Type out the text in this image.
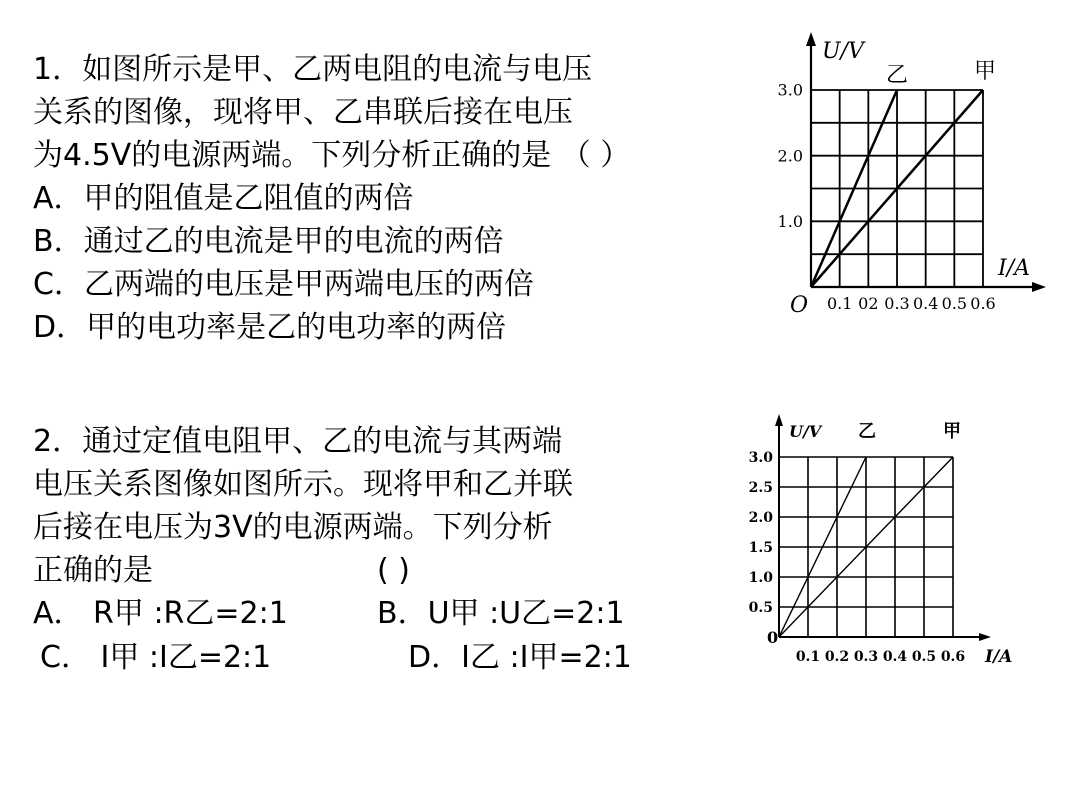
1．如图所示是甲、乙两电阻的电流与电压
关系的图像，现将甲、乙串联后接在电压
为4.5V的电源两端。下列分析正确的是 （ ）
A．甲的阻值是乙阻值的两倍
B．通过乙的电流是甲的电流的两倍
C．乙两端的电压是甲两端电压的两倍
D．甲的电功率是乙的电功率的两倍
2．通过定值电阻甲、乙的电流与其两端
电压关系图像如图所示。现将甲和乙并联
后接在电压为3V的电源两端。下列分析
正确的是	( )
A． R甲 :R乙=2:1	B．U甲 :U乙=2:1
C． I甲 :I乙=2:1	D．I乙 :I甲=2:1
U/V
I/A
O
乙	甲
1.0
2.0
3.0
0.1 02 0.3 0.4 0.5 0.6
U/V
I/A
0
乙	甲
0.5
1.0
1.5
2.0
2.5
3.0
0.1 0.2 0.3 0.4 0.5 0.6
